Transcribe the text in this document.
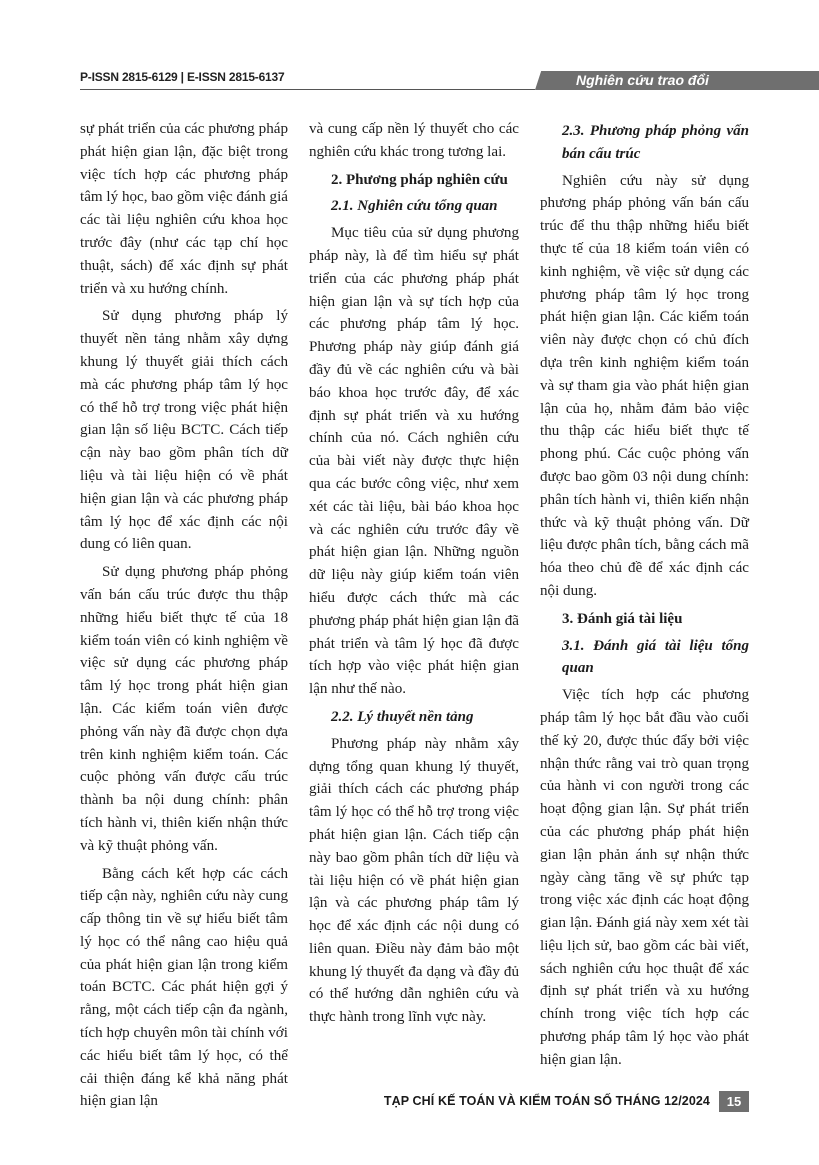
P-ISSN 2815-6129 | E-ISSN 2815-6137	Nghiên cứu trao đổi

sự phát triển của các phương pháp phát hiện gian lận, đặc biệt trong việc tích hợp các phương pháp tâm lý học, bao gồm việc đánh giá các tài liệu nghiên cứu khoa học trước đây (như các tạp chí học thuật, sách) để xác định sự phát triển và xu hướng chính.

Sử dụng phương pháp lý thuyết nền tảng nhằm xây dựng khung lý thuyết giải thích cách mà các phương pháp tâm lý học có thể hỗ trợ trong việc phát hiện gian lận số liệu BCTC. Cách tiếp cận này bao gồm phân tích dữ liệu và tài liệu hiện có về phát hiện gian lận và các phương pháp tâm lý học để xác định các nội dung có liên quan.

Sử dụng phương pháp phỏng vấn bán cấu trúc được thu thập những hiểu biết thực tế của 18 kiểm toán viên có kinh nghiệm về việc sử dụng các phương pháp tâm lý học trong phát hiện gian lận. Các kiểm toán viên được phỏng vấn này đã được chọn dựa trên kinh nghiệm kiểm toán. Các cuộc phỏng vấn được cấu trúc thành ba nội dung chính: phân tích hành vi, thiên kiến nhận thức và kỹ thuật phỏng vấn.

Bằng cách kết hợp các cách tiếp cận này, nghiên cứu này cung cấp thông tin về sự hiểu biết tâm lý học có thể nâng cao hiệu quả của phát hiện gian lận trong kiểm toán BCTC. Các phát hiện gợi ý rằng, một cách tiếp cận đa ngành, tích hợp chuyên môn tài chính với các hiểu biết tâm lý học, có thể cải thiện đáng kể khả năng phát hiện gian lận

và cung cấp nền lý thuyết cho các nghiên cứu khác trong tương lai.

2. Phương pháp nghiên cứu
2.1. Nghiên cứu tổng quan

Mục tiêu của sử dụng phương pháp này, là để tìm hiểu sự phát triển của các phương pháp phát hiện gian lận và sự tích hợp của các phương pháp tâm lý học. Phương pháp này giúp đánh giá đầy đủ về các nghiên cứu và bài báo khoa học trước đây, để xác định sự phát triển và xu hướng chính của nó. Cách nghiên cứu của bài viết này được thực hiện qua các bước công việc, như xem xét các tài liệu, bài báo khoa học và các nghiên cứu trước đây về phát hiện gian lận. Những nguồn dữ liệu này giúp kiểm toán viên hiểu được cách thức mà các phương pháp phát hiện gian lận đã phát triển và tâm lý học đã được tích hợp vào việc phát hiện gian lận như thế nào.

2.2. Lý thuyết nền tảng

Phương pháp này nhằm xây dựng tổng quan khung lý thuyết, giải thích cách các phương pháp tâm lý học có thể hỗ trợ trong việc phát hiện gian lận. Cách tiếp cận này bao gồm phân tích dữ liệu và tài liệu hiện có về phát hiện gian lận và các phương pháp tâm lý học để xác định các nội dung có liên quan. Điều này đảm bảo một khung lý thuyết đa dạng và đầy đủ có thể hướng dẫn nghiên cứu và thực hành trong lĩnh vực này.

2.3. Phương pháp phỏng vấn bán cấu trúc

Nghiên cứu này sử dụng phương pháp phỏng vấn bán cấu trúc để thu thập những hiểu biết thực tế của 18 kiểm toán viên có kinh nghiệm, về việc sử dụng các phương pháp tâm lý học trong phát hiện gian lận. Các kiểm toán viên này được chọn có chủ đích dựa trên kinh nghiệm kiểm toán và sự tham gia vào phát hiện gian lận của họ, nhằm đảm bảo việc thu thập các hiểu biết thực tế phong phú. Các cuộc phỏng vấn được bao gồm 03 nội dung chính: phân tích hành vi, thiên kiến nhận thức và kỹ thuật phỏng vấn. Dữ liệu được phân tích, bằng cách mã hóa theo chủ đề để xác định các nội dung.

3. Đánh giá tài liệu
3.1. Đánh giá tài liệu tổng quan

Việc tích hợp các phương pháp tâm lý học bắt đầu vào cuối thế kỷ 20, được thúc đẩy bởi việc nhận thức rằng vai trò quan trọng của hành vi con người trong các hoạt động gian lận. Sự phát triển của các phương pháp phát hiện gian lận phản ánh sự nhận thức ngày càng tăng về sự phức tạp trong việc xác định các hoạt động gian lận. Đánh giá này xem xét tài liệu lịch sử, bao gồm các bài viết, sách nghiên cứu học thuật để xác định sự phát triển và xu hướng chính trong việc tích hợp các phương pháp tâm lý học vào phát hiện gian lận.

TẠP CHÍ KẾ TOÁN VÀ KIỂM TOÁN SỐ THÁNG 12/2024	15
